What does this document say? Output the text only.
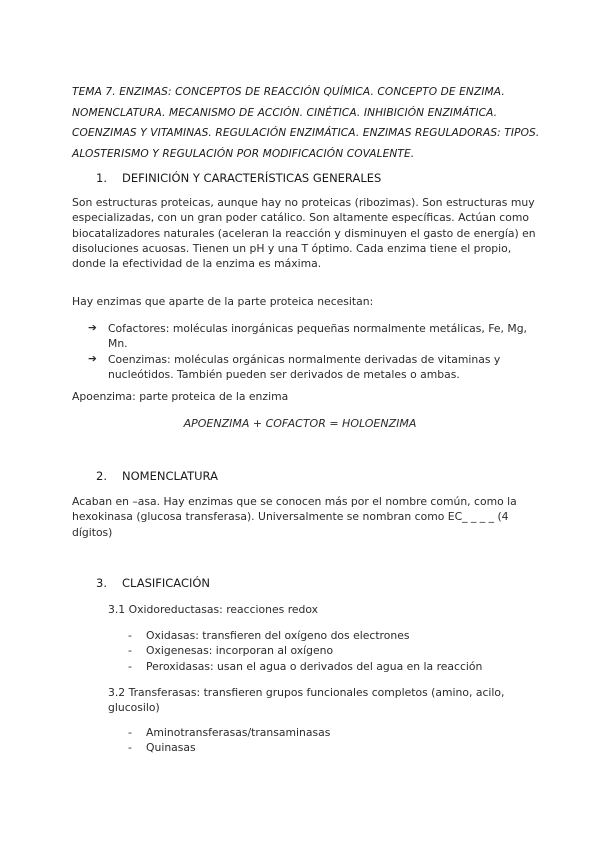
TEMA 7. ENZIMAS: CONCEPTOS DE REACCIÓN QUÍMICA. CONCEPTO DE ENZIMA. NOMENCLATURA. MECANISMO DE ACCIÓN. CINÉTICA. INHIBICIÓN ENZIMÁTICA. COENZIMAS Y VITAMINAS. REGULACIÓN ENZIMÁTICA. ENZIMAS REGULADORAS: TIPOS. ALOSTERISMO Y REGULACIÓN POR MODIFICACIÓN COVALENTE.
1. DEFINICIÓN Y CARACTERÍSTICAS GENERALES
Son estructuras proteicas, aunque hay no proteicas (ribozimas). Son estructuras muy especializadas, con un gran poder catálico. Son altamente específicas. Actúan como biocatalizadores naturales (aceleran la reacción y disminuyen el gasto de energía) en disoluciones acuosas. Tienen un pH y una T óptimo. Cada enzima tiene el propio, donde la efectividad de la enzima es máxima.
Hay enzimas que aparte de la parte proteica necesitan:
➔ Cofactores: moléculas inorgánicas pequeñas normalmente metálicas, Fe, Mg, Mn.
➔ Coenzimas: moléculas orgánicas normalmente derivadas de vitaminas y nucleótidos. También pueden ser derivados de metales o ambas.
Apoenzima: parte proteica de la enzima
APOENZIMA + COFACTOR = HOLOENZIMA
2. NOMENCLATURA
Acaban en –asa. Hay enzimas que se conocen más por el nombre común, como la hexokinasa (glucosa transferasa). Universalmente se nombran como EC_ _ _ _ (4 dígitos)
3. CLASIFICACIÓN
3.1 Oxidoreductasas: reacciones redox
- Oxidasas: transfieren del oxígeno dos electrones
- Oxigenesas: incorporan al oxígeno
- Peroxidasas: usan el agua o derivados del agua en la reacción
3.2 Transferasas: transfieren grupos funcionales completos (amino, acilo, glucosilo)
- Aminotransferasas/transaminasas
- Quinasas
